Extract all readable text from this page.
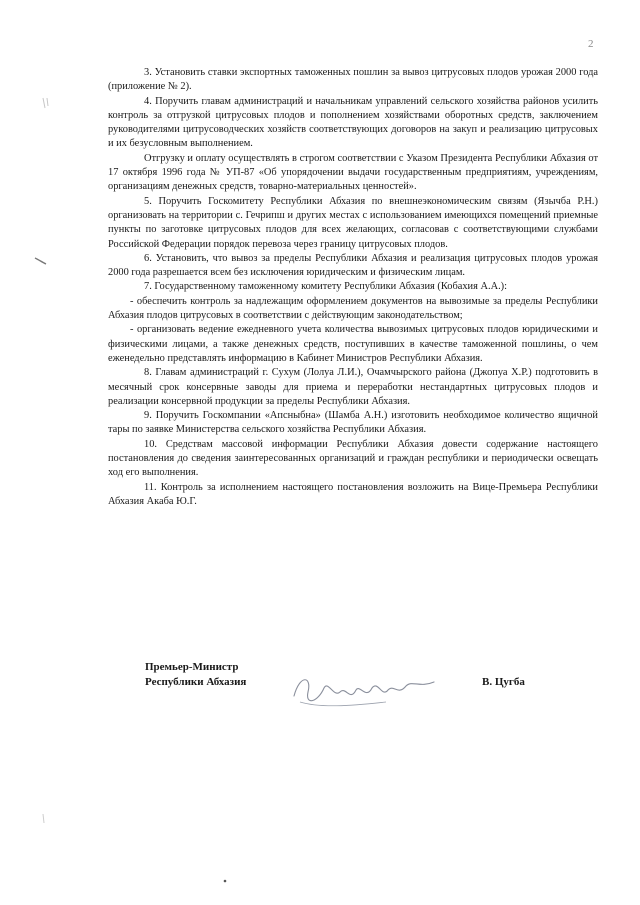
2

3. Установить ставки экспортных таможенных пошлин за вывоз цитрусовых плодов урожая 2000 года (приложение № 2).

4. Поручить главам администраций и начальникам управлений сельского хозяйства районов усилить контроль за отгрузкой цитрусовых плодов и пополнением хозяйствами оборотных средств, заключением руководителями цитрусоводческих хозяйств соответствующих договоров на закуп и реализацию цитрусовых и их безусловным выполнением.

Отгрузку и оплату осуществлять в строгом соответствии с Указом Президента Республики Абхазия от 17 октября 1996 года № УП-87 «Об упорядочении выдачи государственным предприятиям, учреждениям, организациям денежных средств, товарно-материальных ценностей».

5. Поручить Госкомитету Республики Абхазия по внешнеэкономическим связям (Язычба Р.Н.) организовать на территории с. Гечрипш и других местах с использованием имеющихся помещений приемные пункты по заготовке цитрусовых плодов для всех желающих, согласовав с соответствующими службами Российской Федерации порядок перевоза через границу цитрусовых плодов.

6. Установить, что вывоз за пределы Республики Абхазия и реализация цитрусовых плодов урожая 2000 года разрешается всем без исключения юридическим и физическим лицам.

7. Государственному таможенному комитету Республики Абхазия (Кобахия А.А.):

- обеспечить контроль за надлежащим оформлением документов на вывозимые за пределы Республики Абхазия плодов цитрусовых в соответствии с действующим законодательством;

- организовать ведение ежедневного учета количества вывозимых цитрусовых плодов юридическими и физическими лицами, а также денежных средств, поступивших в качестве таможенной пошлины, о чем еженедельно представлять информацию в Кабинет Министров Республики Абхазия.

8. Главам администраций г. Сухум (Лолуа Л.И.), Очамчырского района (Джопуа Х.Р.) подготовить в месячный срок консервные заводы для приема и переработки нестандартных цитрусовых плодов и реализации консервной продукции за пределы Республики Абхазия.

9. Поручить Госкомпании «Апсныбна» (Шамба А.Н.) изготовить необходимое количество ящичной тары по заявке Министерства сельского хозяйства Республики Абхазия.

10. Средствам массовой информации Республики Абхазия довести содержание настоящего постановления до сведения заинтересованных организаций и граждан республики и периодически освещать ход его выполнения.

11. Контроль за исполнением настоящего постановления возложить на Вице-Премьера Республики Абхазия Акаба Ю.Г.

Премьер-Министр
Республики Абхазия	В. Цугба
